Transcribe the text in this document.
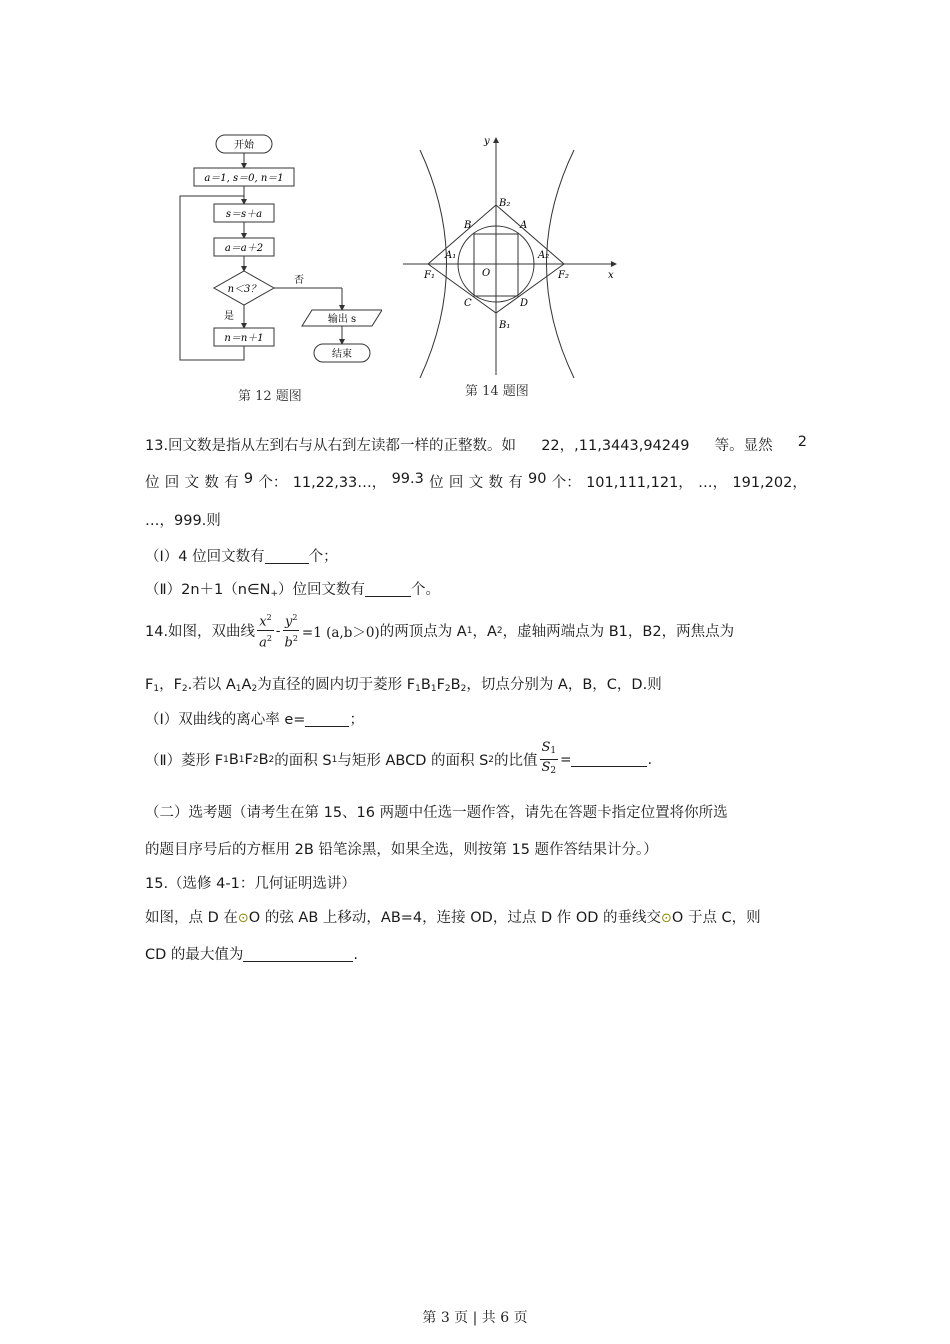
开始
a＝1, s＝0, n＝1
s＝s＋a
a＝a＋2
n＜3？
否
输出 s
结束
是
n＝n＋1
第 12 题图
y
x
O
B₂
B₁
A₁	A₂
F₁	F₂
A
B
C	D
第 14 题图
13.回文数是指从左到右与从右到左读都一样的正整数。如 22，,11,3443,94249 等。显然 2
位 回 文 数 有 9 个： 11,22,33…， 99.3 位 回 文 数 有 90 个： 101,111,121， …， 191,202，
…，999.则
（Ⅰ）4 位回文数有	个；
$(Ⅱ)2n+1(n\in N_+)$位回文数有	个。
14.如图，双曲线 $\frac{x^2}{a^2} - \frac{y^2}{b^2} =1$ (a,b＞0) 的两顶点为 A 1 ，A 2 ，虚轴两端点为 B1，B2，两焦点为
$F_1$，$F_2$.若以 $A_1A_2$为直径的圆内切于菱形 $F_1B_1F_2B_2$，切点分别为 A，B，C，D.则
（Ⅰ）双曲线的离心率 e=	；
（Ⅱ）菱形 F 1 B 1 F 2 B 2 的面积 S 1 与矩形 ABCD 的面积 S 2 的比值 $\frac{S_1}{S_2}$ =	.
（二）选考题（请考生在第 15、16 两题中任选一题作答，请先在答题卡指定位置将你所选
的题目序号后的方框用 2B 铅笔涂黑，如果全选，则按第 15 题作答结果计分。）
15.（选修 4-1：几何证明选讲）
如图，点 D 在⊙O 的弦 AB 上移动，AB=4，连接 OD，过点 D 作 OD 的垂线交⊙O 于点 C，则
CD 的最大值为	.
第 3 页 | 共 6 页
